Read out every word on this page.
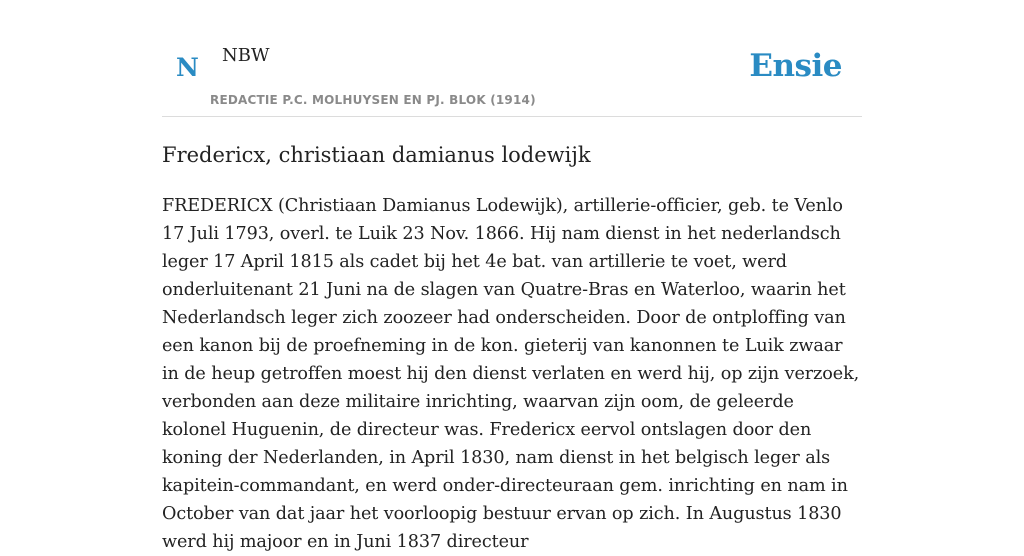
N NBW
REDACTIE P.C. MOLHUYSEN EN PJ. BLOK (1914)
Ensie
Fredericx, christiaan damianus lodewijk

FREDERICX (Christiaan Damianus Lodewijk), artillerie-officier, geb. te Venlo 17 Juli 1793, overl. te Luik 23 Nov. 1866. Hij nam dienst in het nederlandsch leger 17 April 1815 als cadet bij het 4e bat. van artillerie te voet, werd onderluitenant 21 Juni na de slagen van Quatre-Bras en Waterloo, waarin het Nederlandsch leger zich zoozeer had onderscheiden. Door de ontploffing van een kanon bij de proefneming in de kon. gieterij van kanonnen te Luik zwaar in de heup getroffen moest hij den dienst verlaten en werd hij, op zijn verzoek, verbonden aan deze militaire inrichting, waarvan zijn oom, de geleerde kolonel Huguenin, de directeur was. Fredericx eervol ontslagen door den koning der Nederlanden, in April 1830, nam dienst in het belgisch leger als kapitein-commandant, en werd onder-directeuraan gem. inrichting en nam in October van dat jaar het voorloopig bestuur ervan op zich. In Augustus 1830 werd hij majoor en in Juni 1837 directeur
